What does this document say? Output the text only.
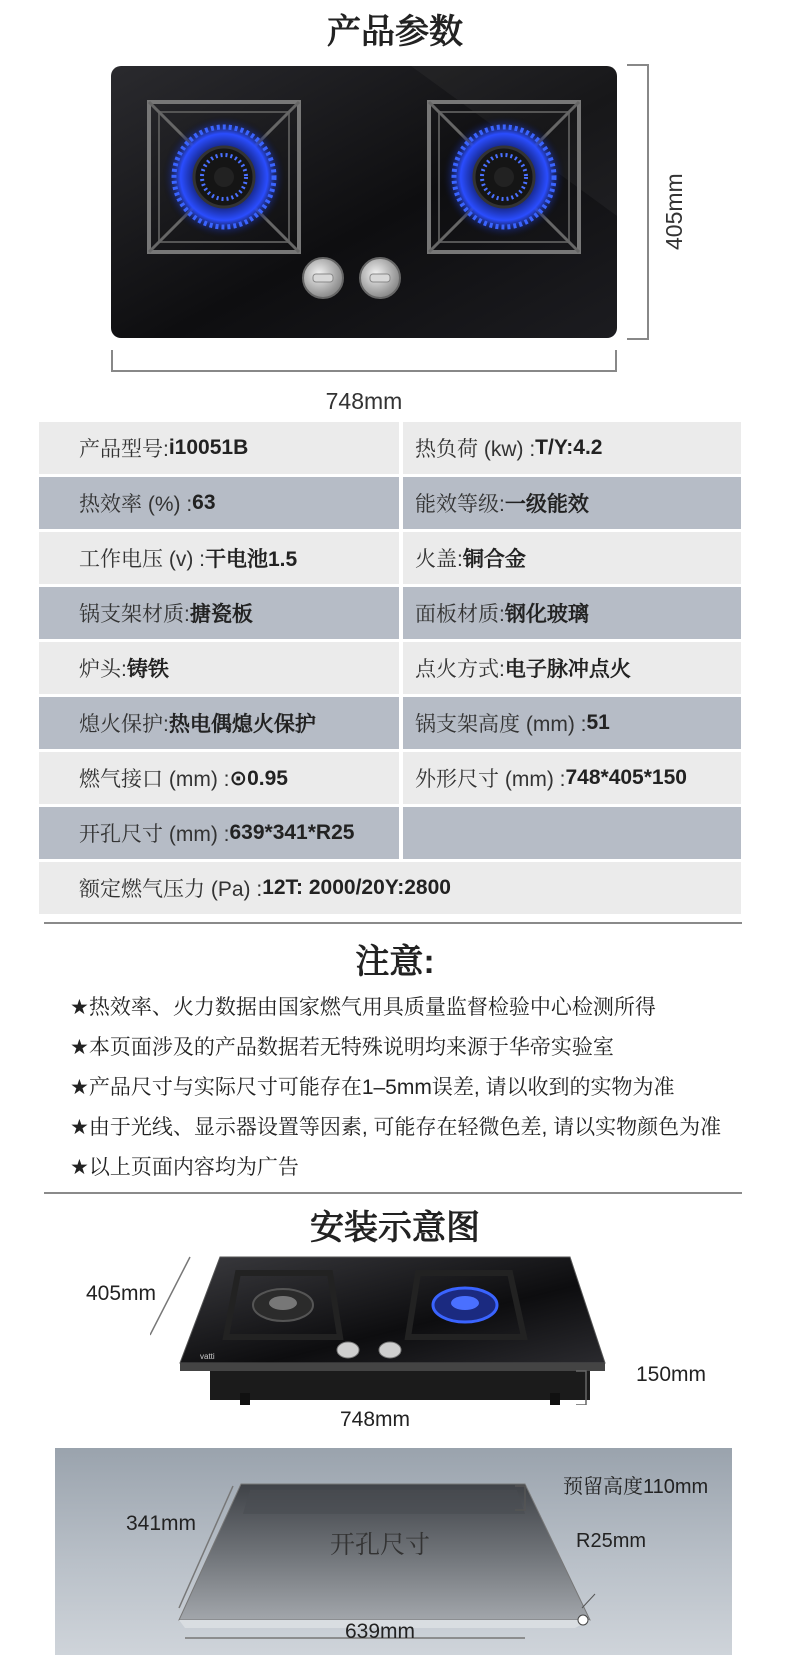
产品参数
405mm
748mm
产品型号: i10051B	热负荷 (kw) : T/Y:4.2
热效率 (%) : 63	能效等级: 一级能效
工作电压 (v) : 干电池1.5	火盖: 铜合金
锅支架材质: 搪瓷板	面板材质: 钢化玻璃
炉头: 铸铁	点火方式: 电子脉冲点火
熄火保护: 热电偶熄火保护	锅支架高度 (mm) : 51
燃气接口 (mm) : ⊙0.95	外形尺寸 (mm) : 748*405*150
开孔尺寸 (mm) : 639*341*R25
额定燃气压力 (Pa) : 12T: 2000/20Y:2800
注意:
★热效率、火力数据由国家燃气用具质量监督检验中心检测所得
★本页面涉及的产品数据若无特殊说明均来源于华帝实验室
★产品尺寸与实际尺寸可能存在1–5mm误差, 请以收到的实物为准
★由于光线、显示器设置等因素, 可能存在轻微色差, 请以实物颜色为准
★以上页面内容均为广告
安装示意图
vatti
405mm
150mm
748mm
341mm
预留高度110mm
开孔尺寸	R25mm
639mm
